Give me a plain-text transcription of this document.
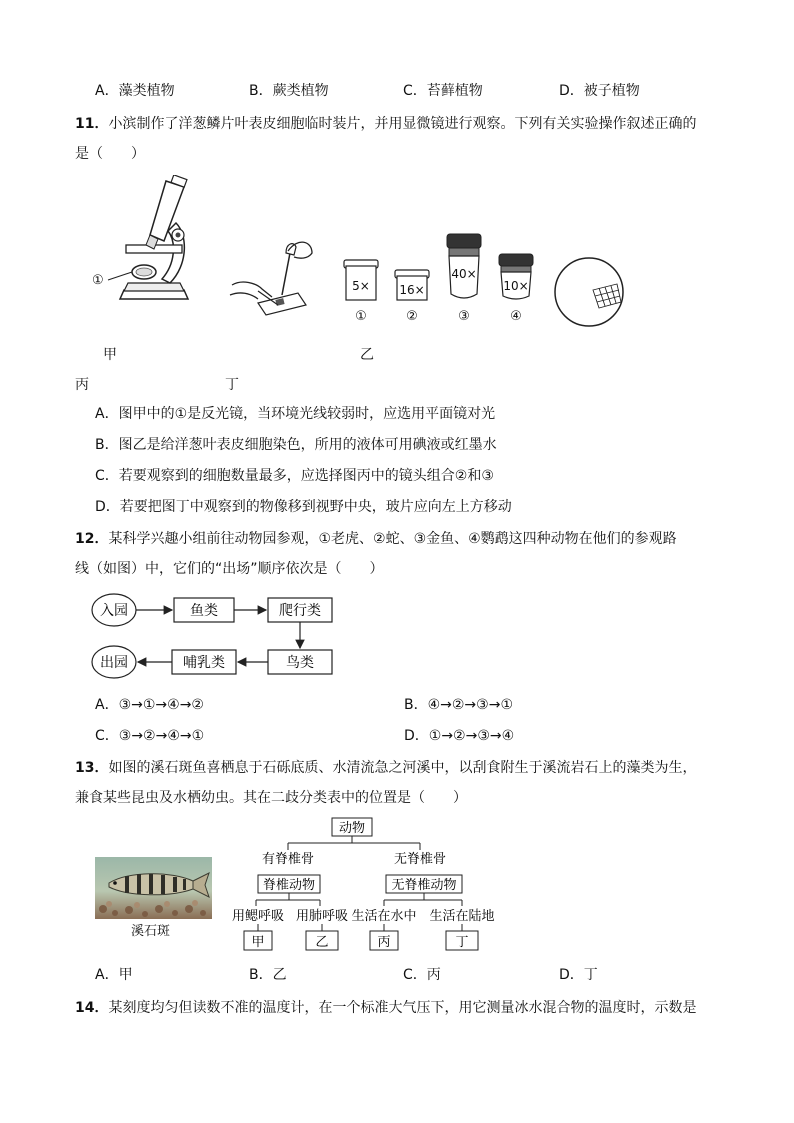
A．藻类植物	B．蕨类植物	C．苔藓植物	D．被子植物
11．小滨制作了洋葱鳞片叶表皮细胞临时装片，并用显微镜进行观察。下列有关实验操作叙述正确的
是（　　）
①	5×
①
16×
②
40×
③
10×
④
甲	乙
丙	丁
A．图甲中的①是反光镜，当环境光线较弱时，应选用平面镜对光
B．图乙是给洋葱叶表皮细胞染色，所用的液体可用碘液或红墨水
C．若要观察到的细胞数量最多，应选择图丙中的镜头组合②和③
D．若要把图丁中观察到的物像移到视野中央，玻片应向左上方移动
12．某科学兴趣小组前往动物园参观，①老虎、②蛇、③金鱼、④鹦鹉这四种动物在他们的参观路
线（如图）中，它们的“出场”顺序依次是（　　）
入园	鱼类	爬行类
鸟类
哺乳类
出园
A．③→①→④→②	B．④→②→③→①
C．③→②→④→①	D．①→②→③→④
13．如图的溪石斑鱼喜栖息于石砾底质、水清流急之河溪中，以刮食附生于溪流岩石上的藻类为生，
兼食某些昆虫及水栖幼虫。其在二歧分类表中的位置是（　　）
溪石斑
动物
有脊椎骨	无脊椎骨
脊椎动物	无脊椎动物
用鳃呼吸 用肺呼吸 生活在水中 生活在陆地
甲	乙	丙	丁
A．甲	B．乙	C．丙	D．丁
14．某刻度均匀但读数不准的温度计，在一个标准大气压下，用它测量冰水混合物的温度时，示数是
